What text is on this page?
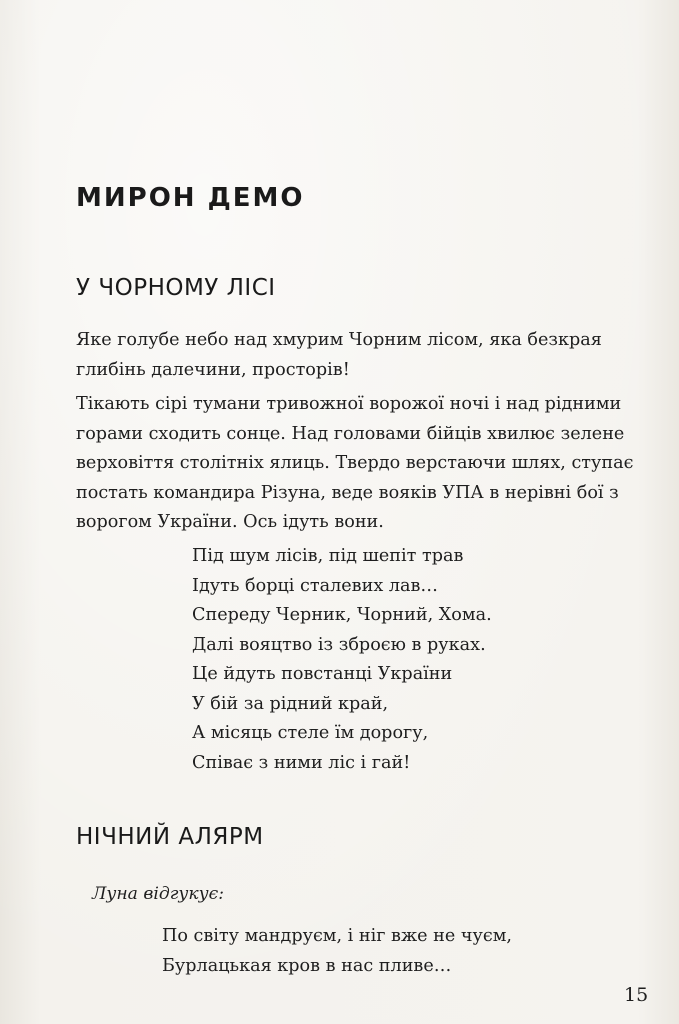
МИРОН ДЕМО
У ЧОРНОМУ ЛІСІ

Яке голубе небо над хмурим Чорним лісом, яка безкрая глибінь далечини, просторів!

Тікають сірі тумани тривожної ворожої ночі і над рідними горами сходить сонце. Над головами бійців хвилює зелене верховіття столітніх ялиць. Твердо верстаючи шлях, ступає постать командира Різуна, веде вояків УПА в нерівні бої з ворогом України. Ось ідуть вони.

Під шум лісів, під шепіт трав
Ідуть борці сталевих лав…
Спереду Черник, Чорний, Хома.
Далі вояцтво із зброєю в руках.
Це йдуть повстанці України
У бій за рідний край,
А місяць стеле їм дорогу,
Співає з ними ліс і гай!
НІЧНИЙ АЛЯРМ

Луна відгукує:

По світу мандруєм, і ніг вже не чуєм,
Бурлацькая кров в нас пливе…
15
